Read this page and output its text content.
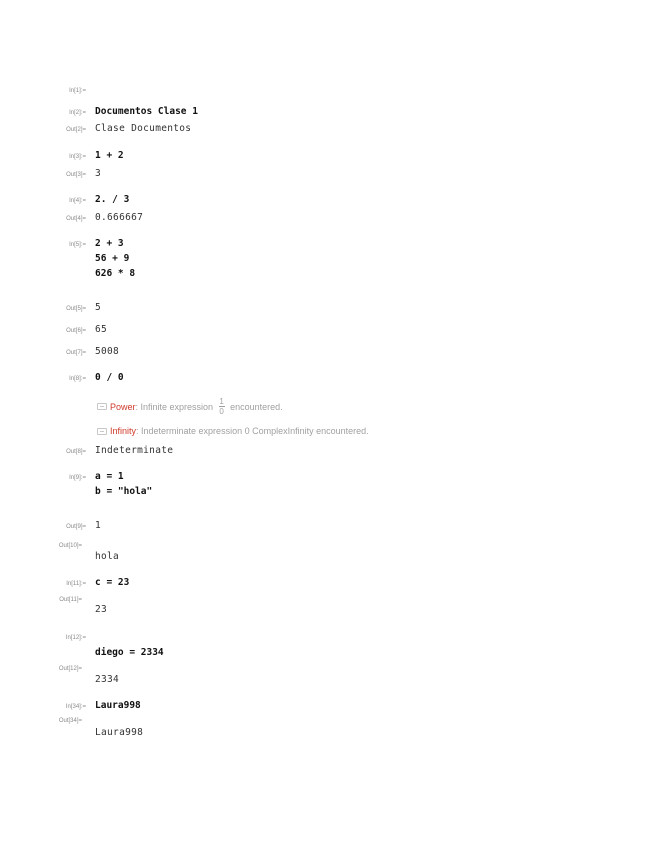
In[1]:=
In[2]:= Documentos Clase 1
Out[2]= Clase Documentos
In[3]:= 1 + 2
Out[3]= 3
In[4]:= 2. / 3
Out[4]= 0.666667
In[5]:= 2 + 3
56 + 9
626 * 8
Out[5]= 5
Out[6]= 65
Out[7]= 5008
In[8]:= 0 / 0
Power : Infinite expression $\frac{1}{0}$ encountered.
Infinity : Indeterminate expression 0 ComplexInfinity encountered.
Out[8]= Indeterminate
In[9]:= a = 1
b = "hola"
Out[9]= 1
Out[10]=
hola
In[11]:= c = 23
Out[11]=
23
In[12]:=
diego = 2334
Out[12]=
2334
In[34]:= Laura998
Out[34]=
Laura998
